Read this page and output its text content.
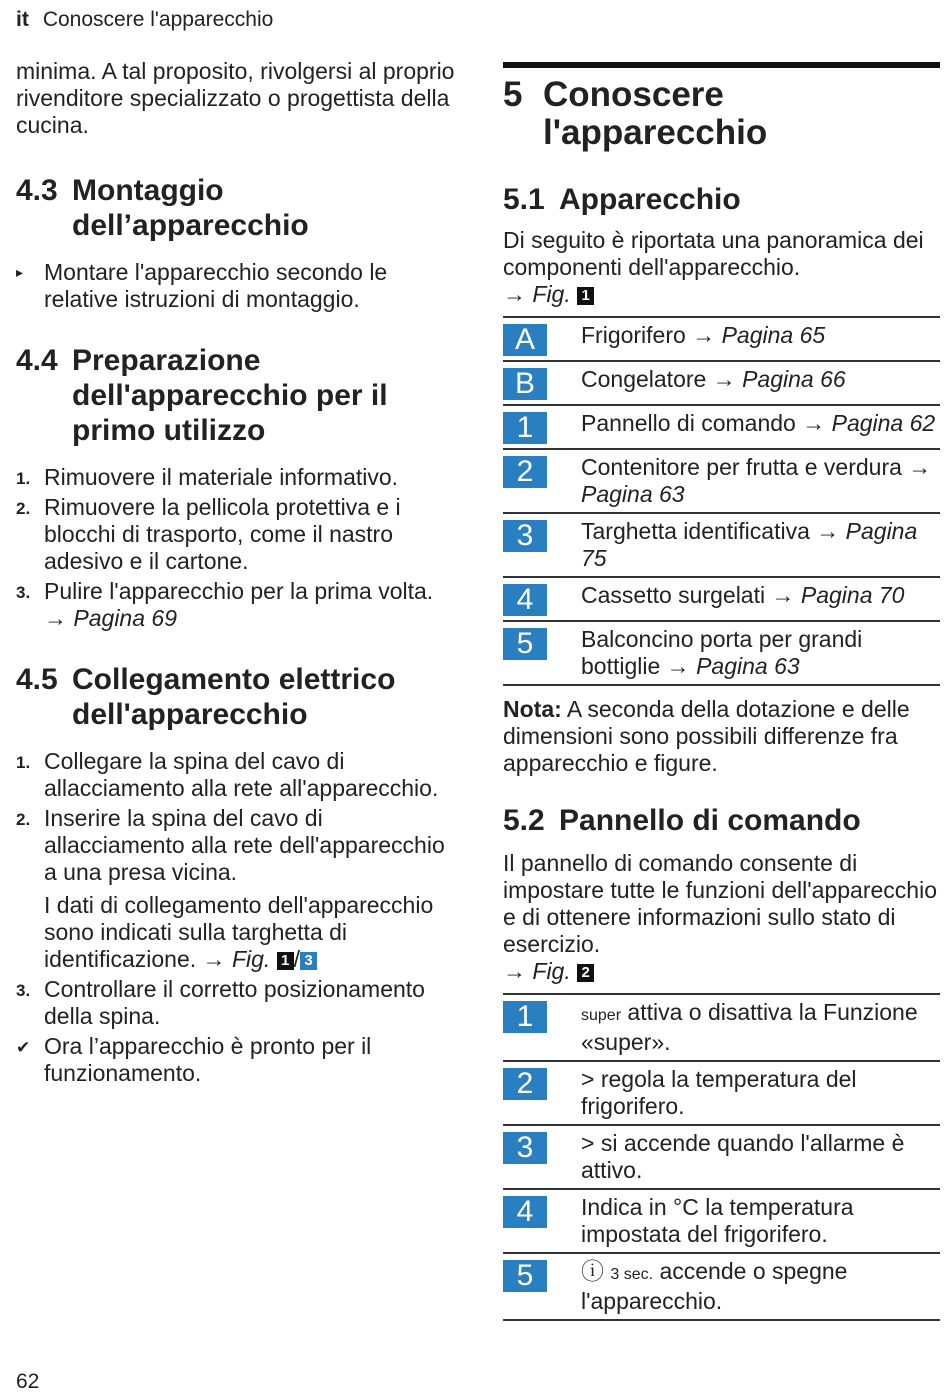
it Conoscere l'apparecchio

minima. A tal proposito, rivolgersi al proprio rivenditore specializzato o progettista della cucina.

4.3 Montaggio dell’apparecchio
▸ Montare l'apparecchio secondo le relative istruzioni di montaggio.
4.4 Preparazione dell'apparecchio per il primo utilizzo
1. Rimuovere il materiale informativo.
2. Rimuovere la pellicola protettiva e i blocchi di trasporto, come il nastro adesivo e il cartone.
3. Pulire l'apparecchio per la prima volta. → Pagina 69
4.5 Collegamento elettrico dell'apparecchio
1. Collegare la spina del cavo di allacciamento alla rete all'apparecchio.
2. Inserire la spina del cavo di allacciamento alla rete dell'apparecchio a una presa vicina.
I dati di collegamento dell'apparecchio sono indicati sulla targhetta di identificazione. → Fig. 1 / 3
3. Controllare il corretto posizionamento della spina.
✔ Ora l’apparecchio è pronto per il funzionamento.
5 Conoscere l'apparecchio
5.1 Apparecchio

Di seguito è riportata una panoramica dei componenti dell'apparecchio.
→ Fig. 1

A	Frigorifero → Pagina 65
B	Congelatore → Pagina 66
1	Pannello di comando → Pagina 62
2	Contenitore per frutta e verdura → Pagina 63
3	Targhetta identificativa → Pagina 75
4	Cassetto surgelati → Pagina 70
5	Balconcino porta per grandi bottiglie → Pagina 63

Nota: A seconda della dotazione e delle dimensioni sono possibili differenze fra apparecchio e figure.

5.2 Pannello di comando

Il pannello di comando consente di impostare tutte le funzioni dell'apparecchio e di ottenere informazioni sullo stato di esercizio.
→ Fig. 2

1	super attiva o disattiva la Funzione «super».
2	> regola la temperatura del frigorifero.
3	> si accende quando l'allarme è attivo.
4	Indica in °C la temperatura impostata del frigorifero.
5	ⓘ 3 sec. accende o spegne l'apparecchio.
62
